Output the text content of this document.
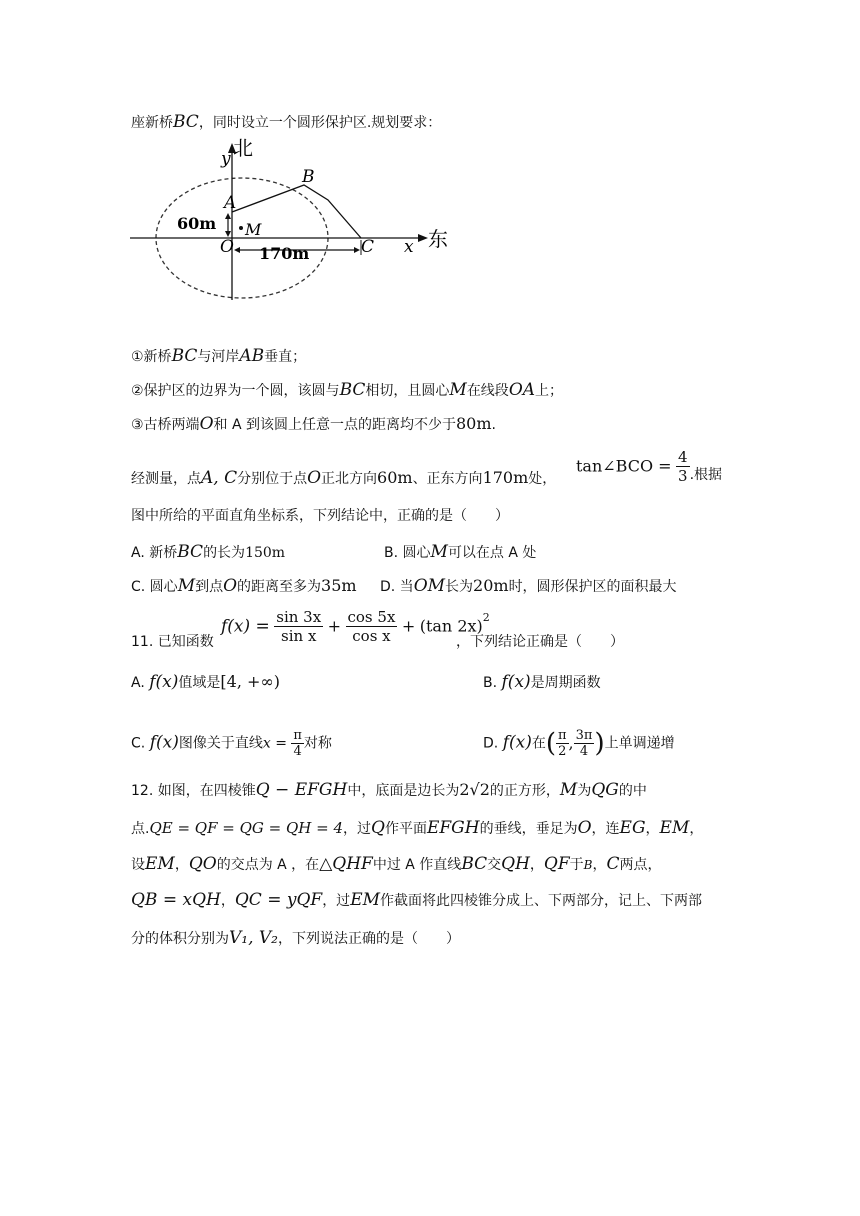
座新桥BC，同时设立一个圆形保护区.规划要求：
北
y
A
B
M
O	C x 东
60m
170m
①新桥BC与河岸AB垂直；
②保护区的边界为一个圆，该圆与BC相切，且圆心M在线段OA上；
③古桥两端O和 A 到该圆上任意一点的距离均不少于80m.
经测量，点A, C分别位于点O正北方向60m、正东方向170m处，
tan∠BCO = $\frac{4}{3}$ .根据
图中所给的平面直角坐标系，下列结论中，正确的是（　　）
A. 新桥BC的长为150m	B. 圆心M可以在点 A 处
C. 圆心M到点O的距离至多为35m D. 当OM长为20m时，圆形保护区的面积最大
11. 已知函数
$f(x) = \frac{\sin 3x}{\text{sin x}} + \frac{\cos 5x}{\text{cos x}} + (\tan$ 2x)$^2$
，下列结论正确是（　　）
A. f(x)值域是[4, +∞)	B. f(x)是周期函数
C. f(x)图像关于直线$x = \frac{\pi}{4}$ 对称	D. f(x)在( $\frac{\pi}{2}$ , $\frac{3\pi}{4}$ )上单调递增
12. 如图，在四棱锥Q − EFGH中，底面是边长为2√2的正方形，M为QG的中
点.QE = QF = QG = QH = 4，过Q作平面EFGH的垂线，垂足为O，连EG，EM，
设EM，QO的交点为 A ，在△QHF中过 A 作直线BC交QH，QF于B，C两点，
QB = xQH，QC = yQF，过EM作截面将此四棱锥分成上、下两部分，记上、下两部
分的体积分别为V₁, V₂，下列说法正确的是（　　）
